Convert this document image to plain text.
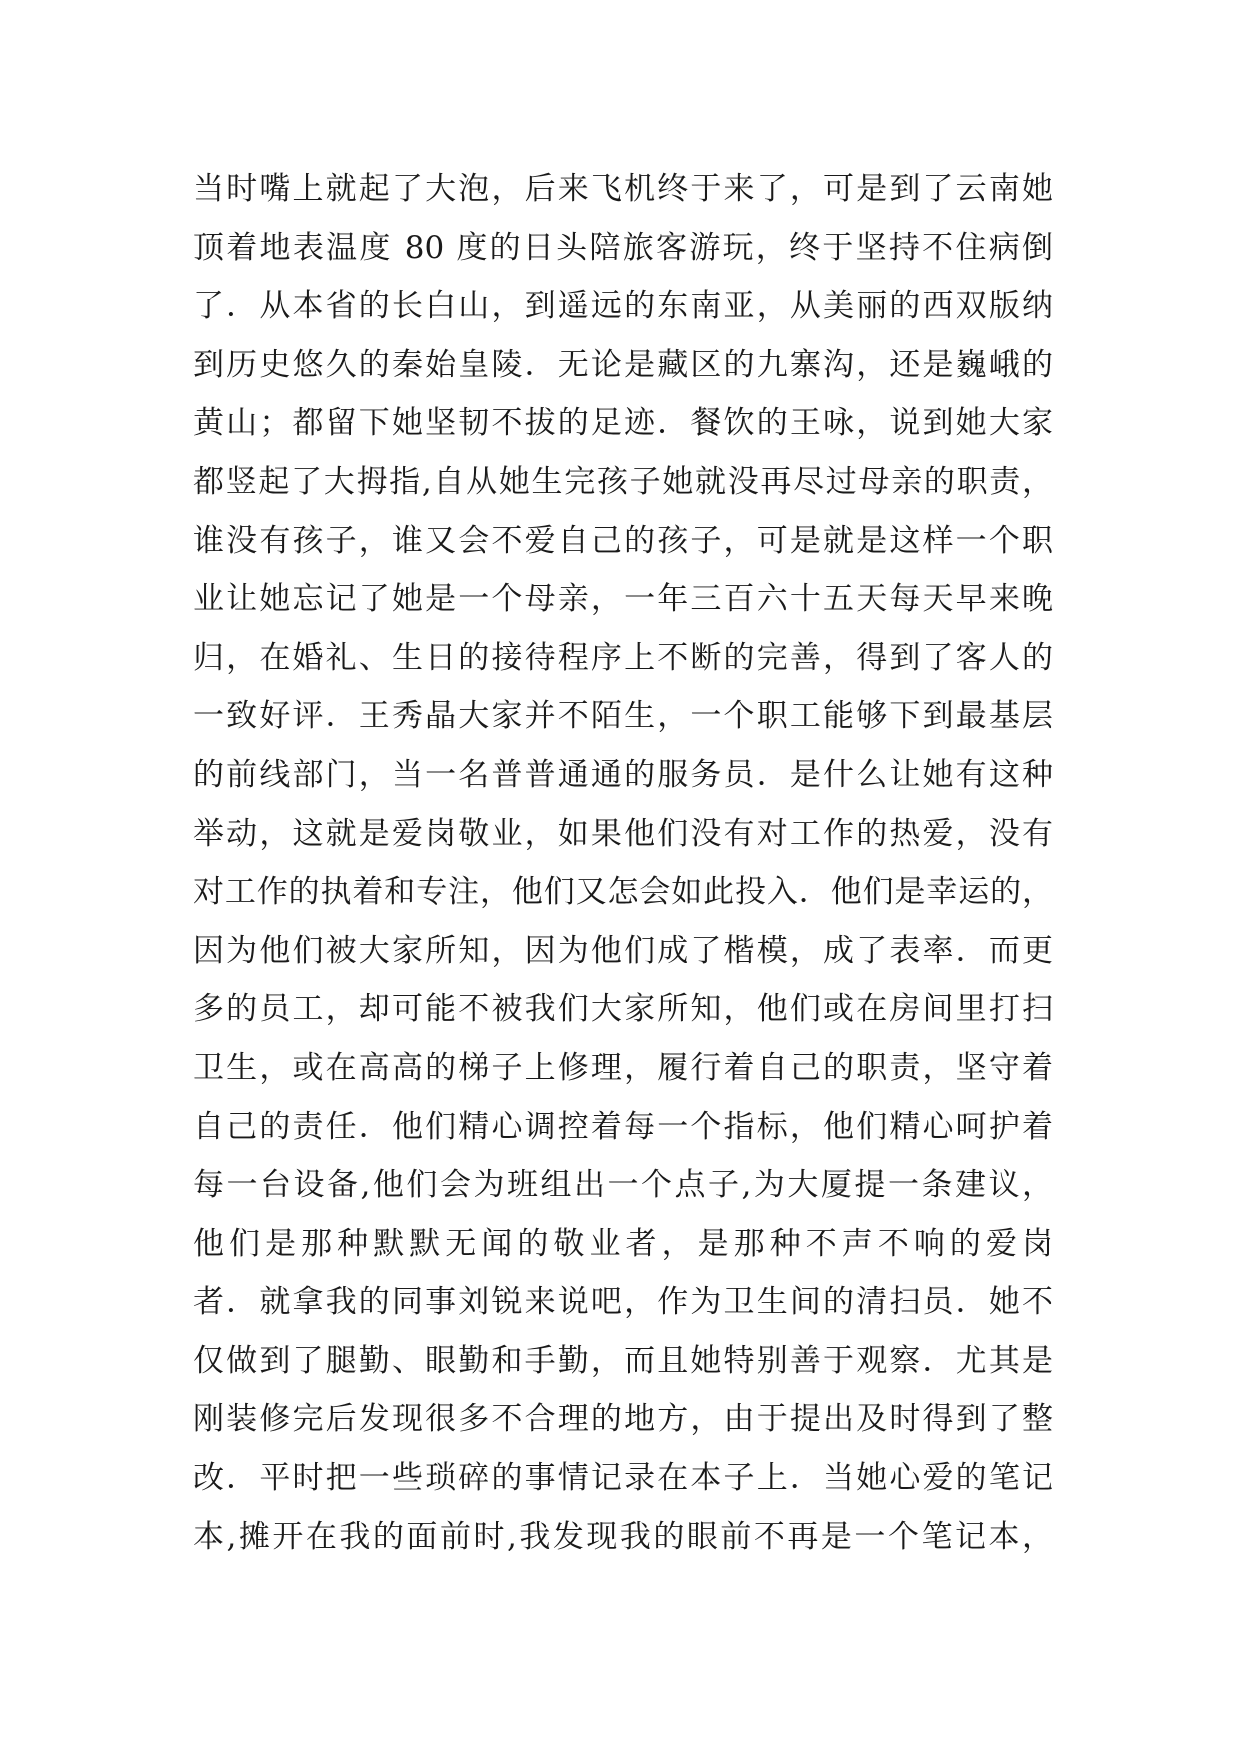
当时嘴上就起了大泡，后来飞机终于来了，可是到了云南她
顶着地表温度 80 度的日头陪旅客游玩，终于坚持不住病倒
了．从本省的长白山，到遥远的东南亚，从美丽的西双版纳
到历史悠久的秦始皇陵．无论是藏区的九寨沟，还是巍峨的
黄山；都留下她坚韧不拔的足迹．餐饮的王咏，说到她大家
都竖起了大拇指,自从她生完孩子她就没再尽过母亲的职责，
谁没有孩子，谁又会不爱自己的孩子，可是就是这样一个职
业让她忘记了她是一个母亲，一年三百六十五天每天早来晚
归，在婚礼、生日的接待程序上不断的完善，得到了客人的
一致好评．王秀晶大家并不陌生，一个职工能够下到最基层
的前线部门，当一名普普通通的服务员．是什么让她有这种
举动，这就是爱岗敬业，如果他们没有对工作的热爱，没有
对工作的执着和专注，他们又怎会如此投入．他们是幸运的，
因为他们被大家所知，因为他们成了楷模，成了表率．而更
多的员工，却可能不被我们大家所知，他们或在房间里打扫
卫生，或在高高的梯子上修理，履行着自己的职责，坚守着
自己的责任．他们精心调控着每一个指标，他们精心呵护着
每一台设备,他们会为班组出一个点子,为大厦提一条建议，
他们是那种默默无闻的敬业者，是那种不声不响的爱岗
者．就拿我的同事刘锐来说吧，作为卫生间的清扫员．她不
仅做到了腿勤、眼勤和手勤，而且她特别善于观察．尤其是
刚装修完后发现很多不合理的地方，由于提出及时得到了整
改．平时把一些琐碎的事情记录在本子上．当她心爱的笔记
本,摊开在我的面前时,我发现我的眼前不再是一个笔记本，
